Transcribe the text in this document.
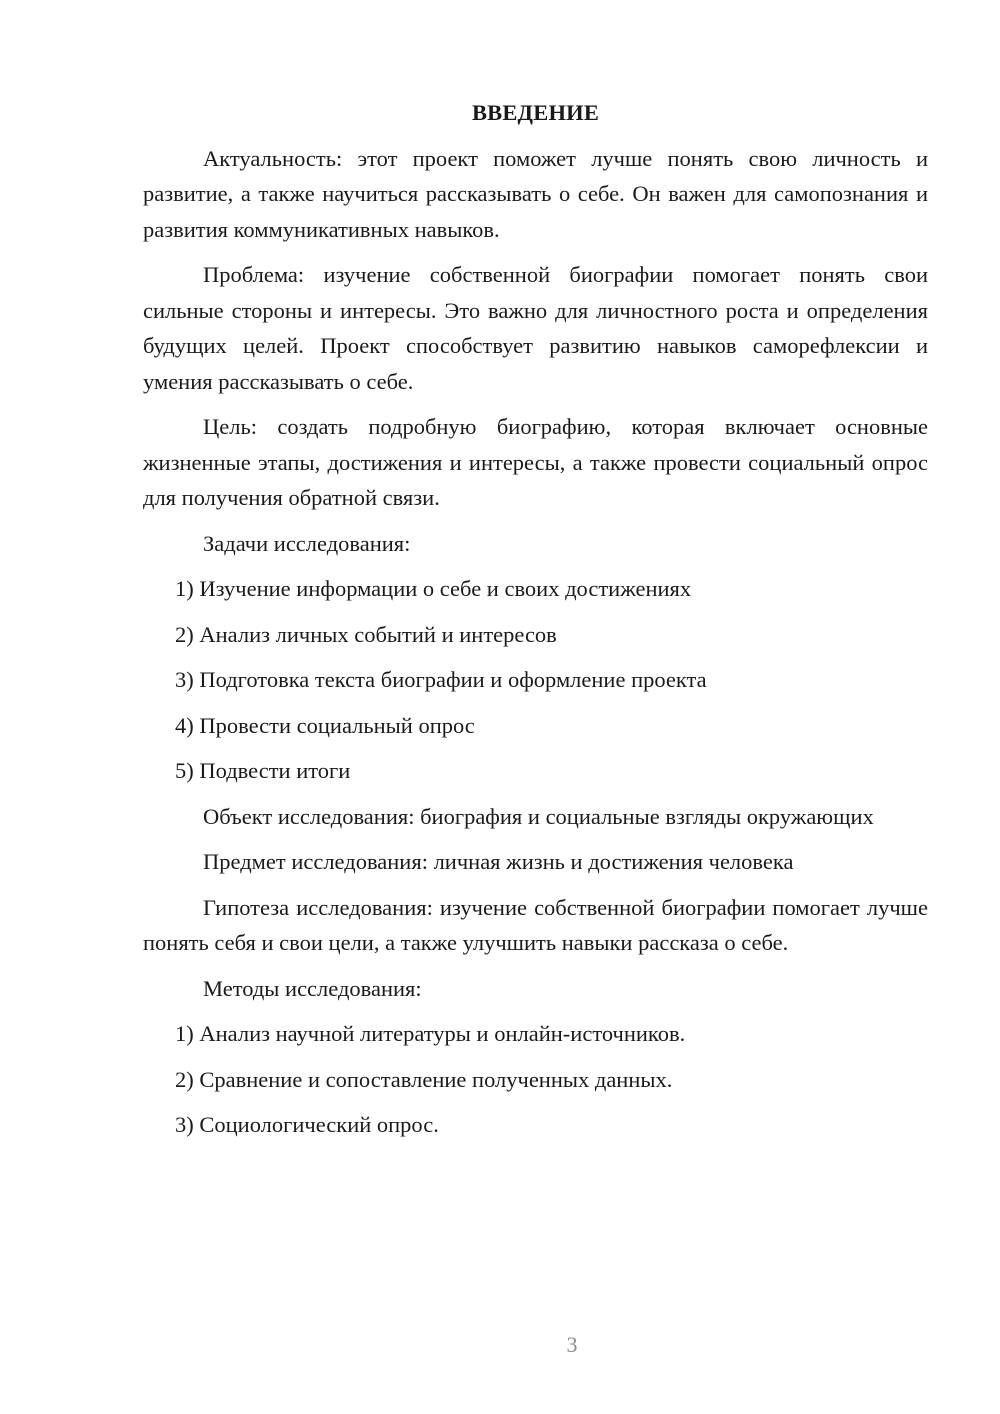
ВВЕДЕНИЕ

Актуальность: этот проект поможет лучше понять свою личность и развитие, а также научиться рассказывать о себе. Он важен для самопознания и развития коммуникативных навыков.

Проблема: изучение собственной биографии помогает понять свои сильные стороны и интересы. Это важно для личностного роста и определения будущих целей. Проект способствует развитию навыков саморефлексии и умения рассказывать о себе.

Цель: создать подробную биографию, которая включает основные жизненные этапы, достижения и интересы, а также провести социальный опрос для получения обратной связи.

Задачи исследования:

1) Изучение информации о себе и своих достижениях
2) Анализ личных событий и интересов
3) Подготовка текста биографии и оформление проекта
4) Провести социальный опрос
5) Подвести итоги

Объект исследования: биография и социальные взгляды окружающих

Предмет исследования: личная жизнь и достижения человека

Гипотеза исследования: изучение собственной биографии помогает лучше понять себя и свои цели, а также улучшить навыки рассказа о себе.

Методы исследования:

1) Анализ научной литературы и онлайн-источников.
2) Сравнение и сопоставление полученных данных.
3) Социологический опрос.
3
